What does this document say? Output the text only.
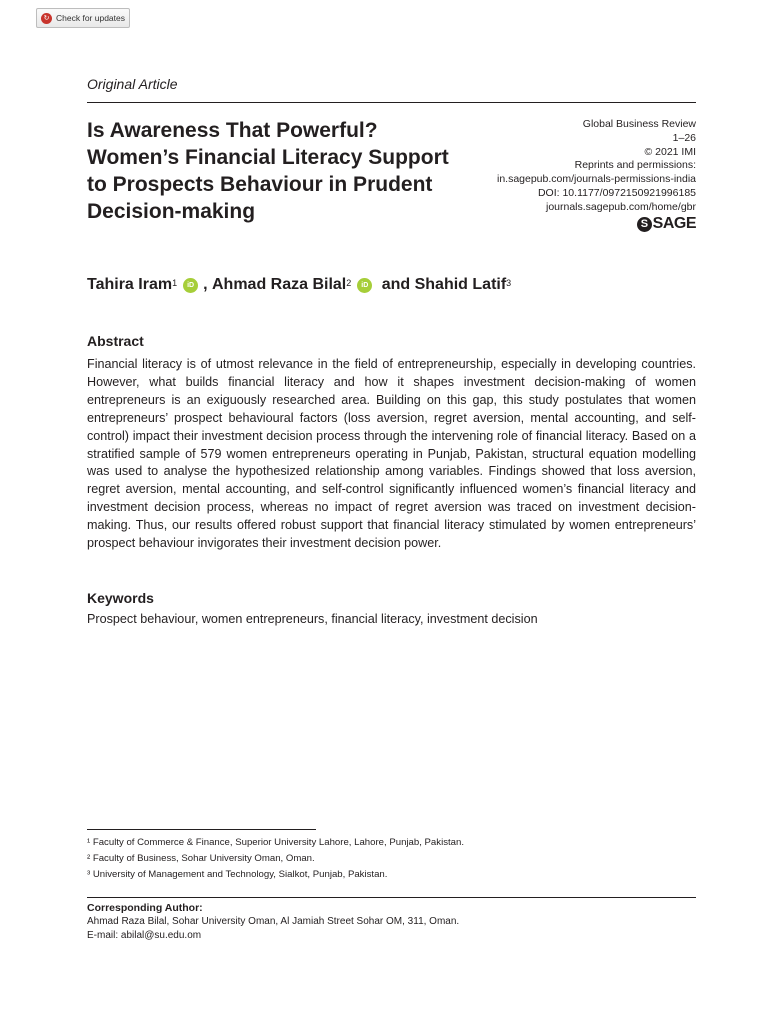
↻ Check for updates
Original Article
Is Awareness That Powerful?
Women’s Financial Literacy Support
to Prospects Behaviour in Prudent
Decision-making
Global Business Review
1–26
© 2021 IMI
Reprints and permissions:
in.sagepub.com/journals-permissions-india
DOI: 10.1177/0972150921996185
journals.sagepub.com/home/gbr
S SAGE
Tahira Iram$^1$	iD , Ahmad Raza Bilal$^2$	iD and Shahid Latif$^3$
Abstract

Financial literacy is of utmost relevance in the field of entrepreneurship, especially in developing countries. However, what builds financial literacy and how it shapes investment decision-making of women entrepreneurs is an exiguously researched area. Building on this gap, this study postulates that women entrepreneurs’ prospect behavioural factors (loss aversion, regret aversion, mental accounting, and self-control) impact their investment decision process through the intervening role of financial literacy. Based on a stratified sample of 579 women entrepreneurs operating in Punjab, Pakistan, structural equation modelling was used to analyse the hypothesized relationship among variables. Findings showed that loss aversion, regret aversion, mental accounting, and self-control significantly influenced women’s financial literacy and investment decision process, whereas no impact of regret aversion was traced on investment decision-making. Thus, our results offered robust support that financial literacy stimulated by women entrepreneurs’ prospect behaviour invigorates their investment decision power.

Keywords
Prospect behaviour, women entrepreneurs, financial literacy, investment decision
¹ Faculty of Commerce & Finance, Superior University Lahore, Lahore, Punjab, Pakistan.
² Faculty of Business, Sohar University Oman, Oman.
³ University of Management and Technology, Sialkot, Punjab, Pakistan.
Corresponding Author:
Ahmad Raza Bilal, Sohar University Oman, Al Jamiah Street Sohar OM, 311, Oman.
E-mail: abilal@su.edu.om
